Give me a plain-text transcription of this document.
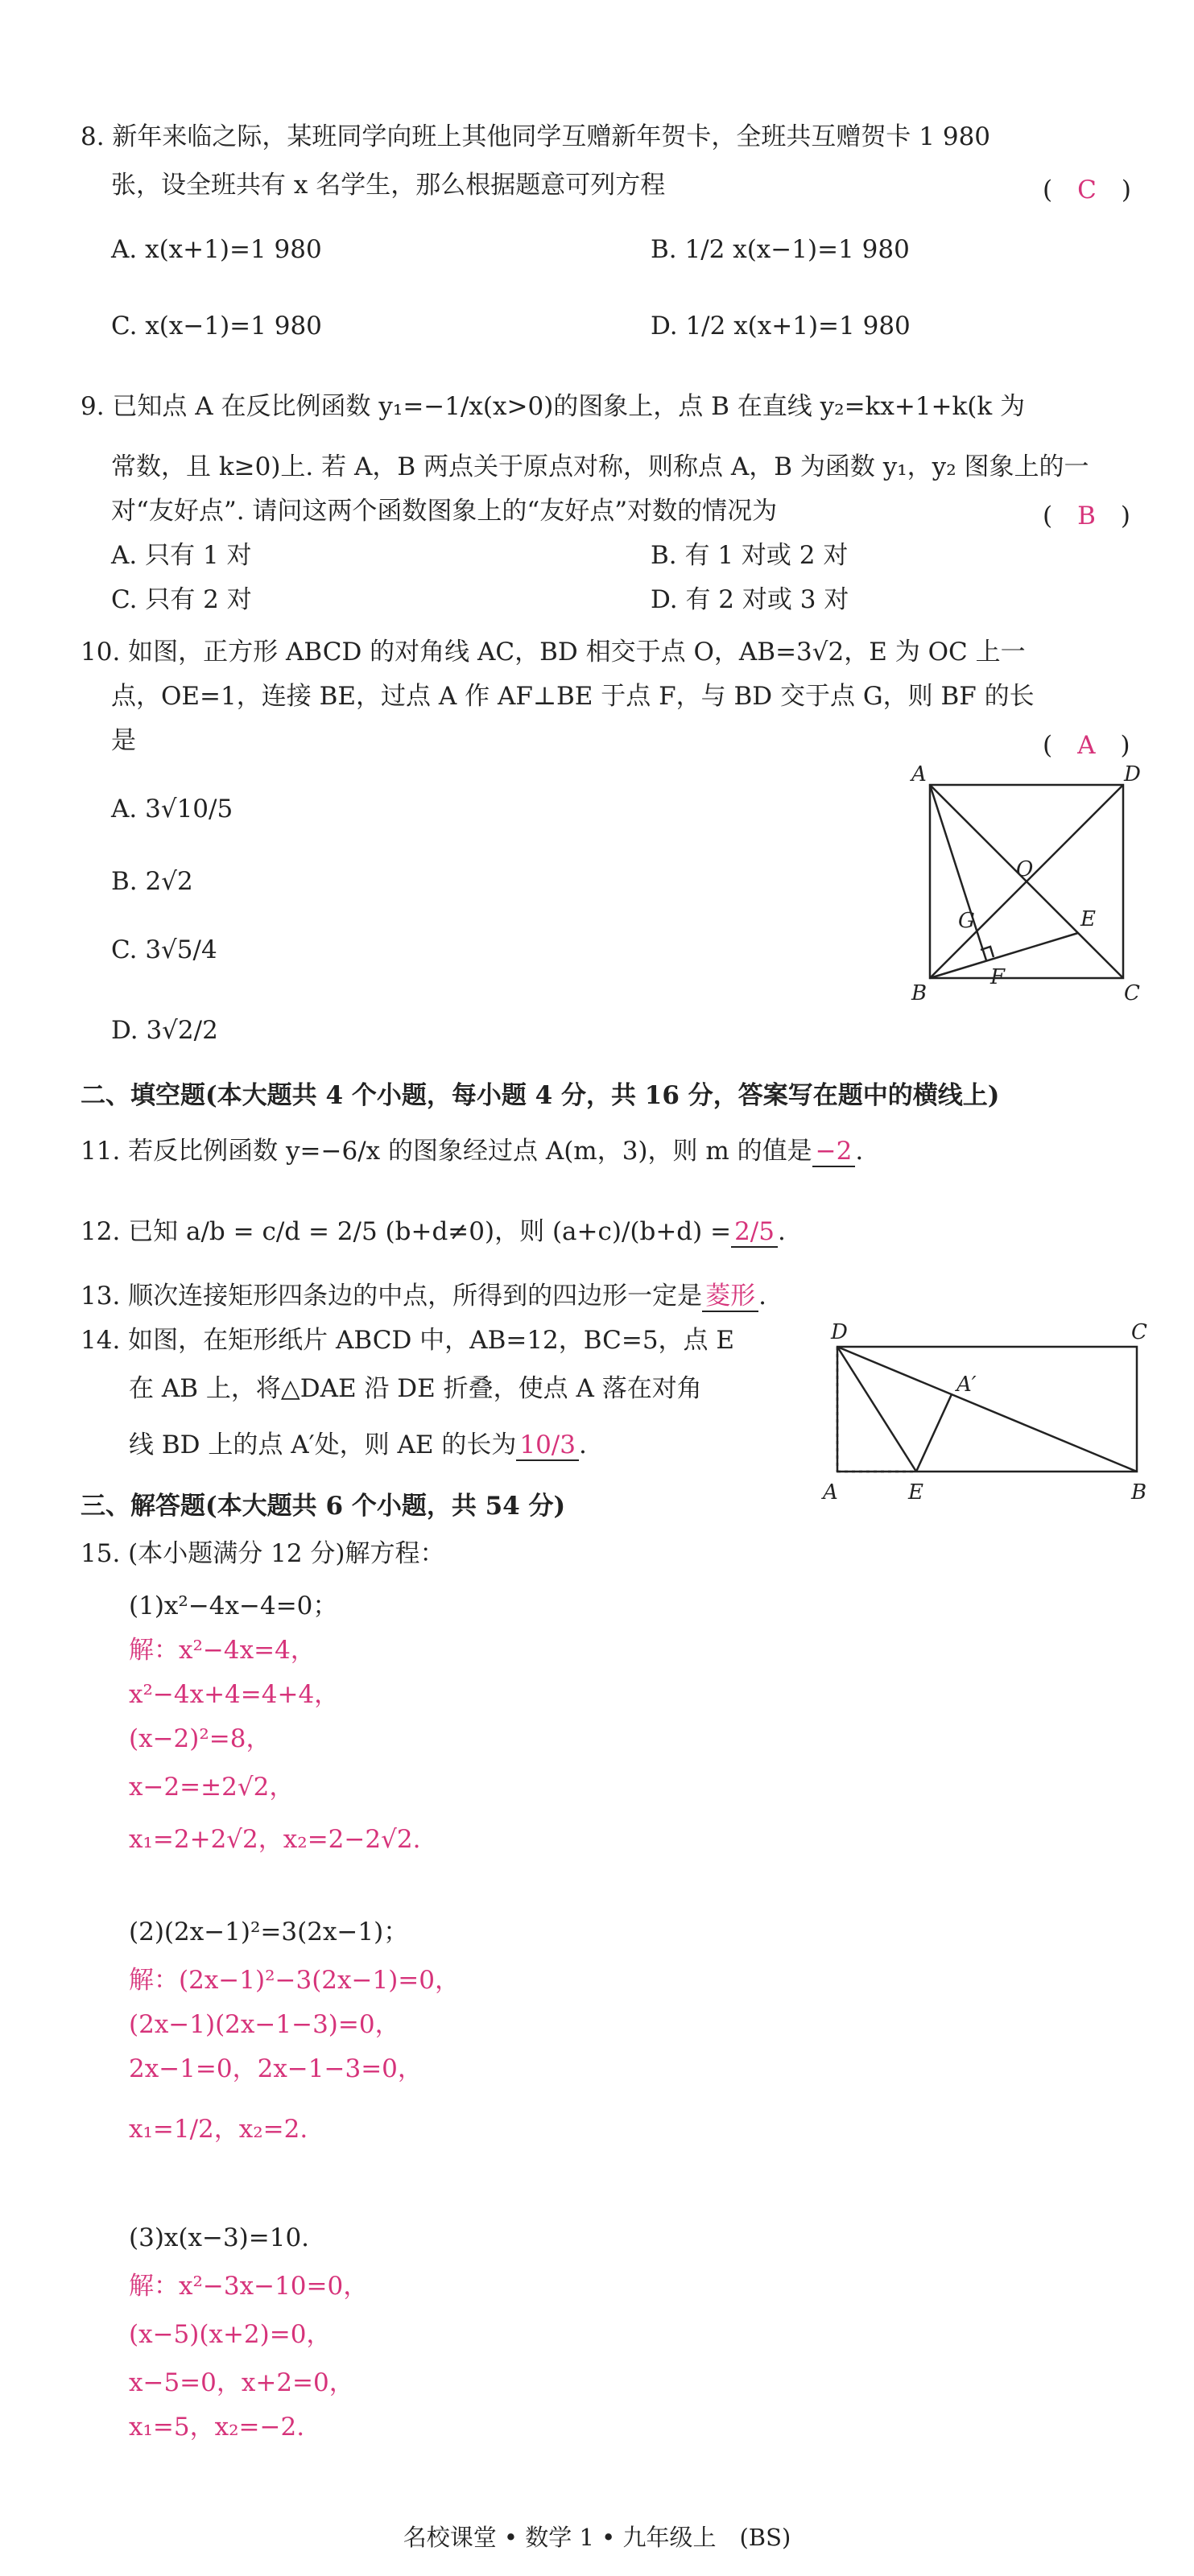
8. 新年来临之际，某班同学向班上其他同学互赠新年贺卡，全班共互赠贺卡 1 980
张，设全班共有 x 名学生，那么根据题意可列方程	(　C　)
A. x(x+1)=1 980	B. 1/2 x(x−1)=1 980
C. x(x−1)=1 980	D. 1/2 x(x+1)=1 980
9. 已知点 A 在反比例函数 y₁=−1/x(x>0)的图象上，点 B 在直线 y₂=kx+1+k(k 为
常数，且 k≥0)上. 若 A，B 两点关于原点对称，则称点 A，B 为函数 y₁，y₂ 图象上的一
对“友好点”. 请问这两个函数图象上的“友好点”对数的情况为	(　B　)
A. 只有 1 对	B. 有 1 对或 2 对
C. 只有 2 对	D. 有 2 对或 3 对
10. 如图，正方形 ABCD 的对角线 AC，BD 相交于点 O，AB=3√2，E 为 OC 上一
点，OE=1，连接 BE，过点 A 作 AF⊥BE 于点 F，与 BD 交于点 G，则 BF 的长
是	(　A　)
A. 3√10/5
B. 2√2
C. 3√5/4
D. 3√2/2
A	D
O
G	E
F
B	C
二、填空题(本大题共 4 个小题，每小题 4 分，共 16 分，答案写在题中的横线上)
11. 若反比例函数 y=−6/x 的图象经过点 A(m，3)，则 m 的值是 −2 .
12. 已知 a/b = c/d = 2/5 (b+d≠0)，则 (a+c)/(b+d) = 2/5 .
13. 顺次连接矩形四条边的中点，所得到的四边形一定是 菱形 .
14. 如图，在矩形纸片 ABCD 中，AB=12，BC=5，点 E
在 AB 上，将△DAE 沿 DE 折叠，使点 A 落在对角
线 BD 上的点 A′处，则 AE 的长为 10/3 .
D	C
A′
A	E	B
三、解答题(本大题共 6 个小题，共 54 分)
15. (本小题满分 12 分)解方程：
(1)x²−4x−4=0；
解：x²−4x=4，
x²−4x+4=4+4，
(x−2)²=8，
x−2=±2√2，
x₁=2+2√2，x₂=2−2√2.
(2)(2x−1)²=3(2x−1)；
解：(2x−1)²−3(2x−1)=0，
(2x−1)(2x−1−3)=0，
2x−1=0，2x−1−3=0，
x₁=1/2，x₂=2.
(3)x(x−3)=10.
解：x²−3x−10=0，
(x−5)(x+2)=0，
x−5=0，x+2=0，
x₁=5，x₂=−2.
名校课堂 • 数学 1 • 九年级上　(BS)
